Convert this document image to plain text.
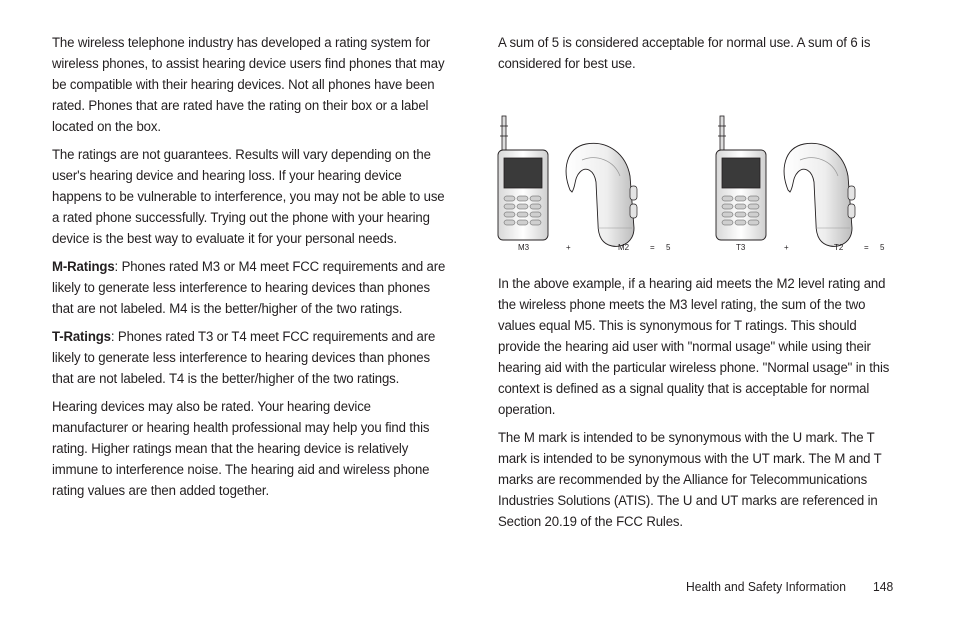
The wireless telephone industry has developed a rating system for wireless phones, to assist hearing device users find phones that may be compatible with their hearing devices. Not all phones have been rated. Phones that are rated have the rating on their box or a label located on the box.

The ratings are not guarantees. Results will vary depending on the user's hearing device and hearing loss. If your hearing device happens to be vulnerable to interference, you may not be able to use a rated phone successfully. Trying out the phone with your hearing device is the best way to evaluate it for your personal needs.

M-Ratings: Phones rated M3 or M4 meet FCC requirements and are likely to generate less interference to hearing devices than phones that are not labeled. M4 is the better/higher of the two ratings.

T-Ratings: Phones rated T3 or T4 meet FCC requirements and are likely to generate less interference to hearing devices than phones that are not labeled. T4 is the better/higher of the two ratings.

Hearing devices may also be rated. Your hearing device manufacturer or hearing health professional may help you find this rating. Higher ratings mean that the hearing device is relatively immune to interference noise. The hearing aid and wireless phone rating values are then added together.

A sum of 5 is considered acceptable for normal use. A sum of 6 is considered for best use.

M3	+	M2	= 5	T3	+	T2	= 5

In the above example, if a hearing aid meets the M2 level rating and the wireless phone meets the M3 level rating, the sum of the two values equal M5. This is synonymous for T ratings. This should provide the hearing aid user with "normal usage" while using their hearing aid with the particular wireless phone. "Normal usage" in this context is defined as a signal quality that is acceptable for normal operation.

The M mark is intended to be synonymous with the U mark. The T mark is intended to be synonymous with the UT mark. The M and T marks are recommended by the Alliance for Telecommunications Industries Solutions (ATIS). The U and UT marks are referenced in Section 20.19 of the FCC Rules.

Health and Safety Information 148
